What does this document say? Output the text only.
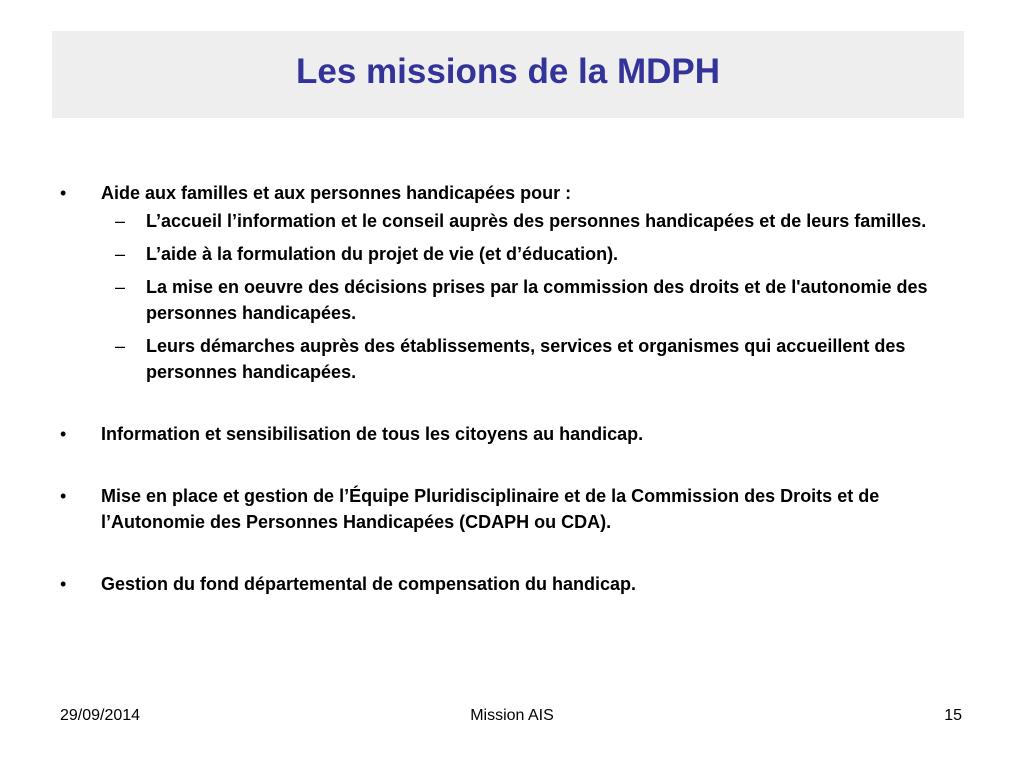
Les missions de la MDPH
• Aide aux familles et aux personnes handicapées pour :
– L’accueil l’information et le conseil auprès des personnes handicapées et de leurs familles.
– L’aide à la formulation du projet de vie (et d’éducation).
– La mise en oeuvre des décisions prises par la commission des droits et de l'autonomie des personnes handicapées.
– Leurs démarches auprès des établissements, services et organismes qui accueillent des personnes handicapées.
• Information et sensibilisation de tous les citoyens au handicap.
• Mise en place et gestion de l’Équipe Pluridisciplinaire et de la Commission des Droits et de l’Autonomie des Personnes Handicapées (CDAPH ou CDA).
• Gestion du fond départemental de compensation du handicap.
29/09/2014	Mission AIS	15
